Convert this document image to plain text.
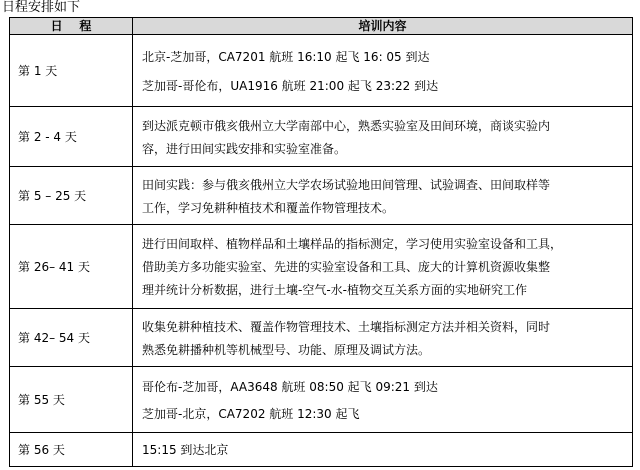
日程安排如下
日    程	培训内容
第 1 天	北京-芝加哥，CA7201 航班 16:10 起飞 16: 05 到达
芝加哥-哥伦布，UA1916 航班 21:00 起飞 23:22 到达

第 2 - 4 天	到达派克顿市俄亥俄州立大学南部中心，熟悉实验室及田间环境，商谈实验内
容，进行田间实践安排和实验室准备。

第 5 – 25 天	田间实践：参与俄亥俄州立大学农场试验地田间管理、试验调查、田间取样等
工作，学习免耕种植技术和覆盖作物管理技术。

第 26– 41 天	进行田间取样、植物样品和土壤样品的指标测定，学习使用实验室设备和工具，
借助美方多功能实验室、先进的实验室设备和工具、庞大的计算机资源收集整
理并统计分析数据，进行土壤-空气-水-植物交互关系方面的实地研究工作

第 42– 54 天	收集免耕种植技术、覆盖作物管理技术、土壤指标测定方法并相关资料，同时
熟悉免耕播种机等机械型号、功能、原理及调试方法。

第 55 天	哥伦布-芝加哥，AA3648 航班 08:50 起飞 09:21 到达
芝加哥-北京，CA7202 航班 12:30 起飞

第 56 天	15:15 到达北京
